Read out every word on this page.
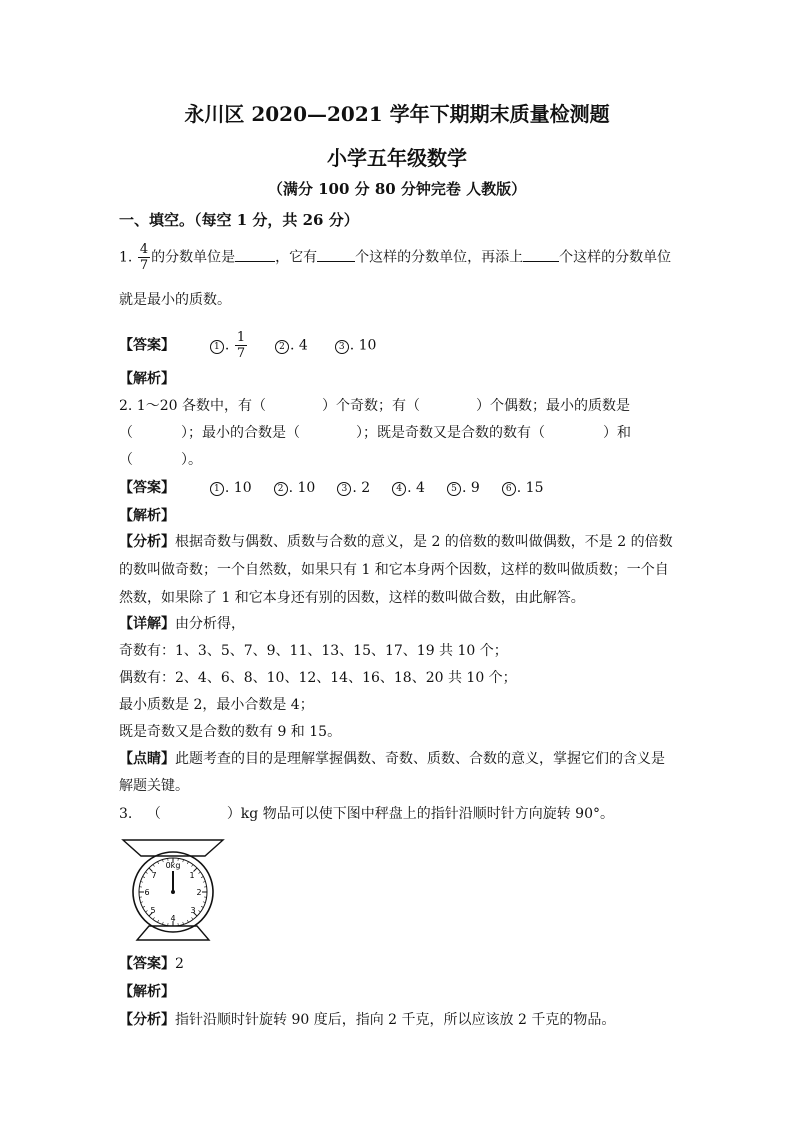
永川区 2020—2021 学年下期期末质量检测题
小学五年级数学
（满分 100 分 80 分钟完卷 人教版）
一、填空。（每空 1 分，共 26 分）
1. $\frac{4}{7}$ 的分数单位是	，它有	个这样的分数单位，再添上	个这样的分数单位
就是最小的质数。
【答案】	1 . $\frac{1}{7}$	2 . 4	3 . 10
【解析】
2. 1～20 各数中，有（	）个奇数；有（	）个偶数；最小的质数是
（	）；最小的合数是（	）；既是奇数又是合数的数有（	）和
（	）。
【答案】	1 . 10	2 . 10	3 . 2	4 . 4	5 . 9	6 . 15
【解析】
【分析】根据奇数与偶数、质数与合数的意义，是 2 的倍数的数叫做偶数，不是 2 的倍数
的数叫做奇数；一个自然数，如果只有 1 和它本身两个因数，这样的数叫做质数；一个自
然数，如果除了 1 和它本身还有别的因数，这样的数叫做合数，由此解答。
【详解】由分析得，
奇数有：1、3、5、7、9、11、13、15、17、19 共 10 个；
偶数有：2、4、6、8、10、12、14、16、18、20 共 10 个；
最小质数是 2，最小合数是 4；
既是奇数又是合数的数有 9 和 15。
【点睛】此题考查的目的是理解掌握偶数、奇数、质数、合数的意义，掌握它们的含义是
解题关键。
3. （	）kg 物品可以使下图中秤盘上的指针沿顺时针方向旋转 90°。
0kg
1
2
3
4
5
6
7
【答案】2
【解析】
【分析】指针沿顺时针旋转 90 度后，指向 2 千克，所以应该放 2 千克的物品。
